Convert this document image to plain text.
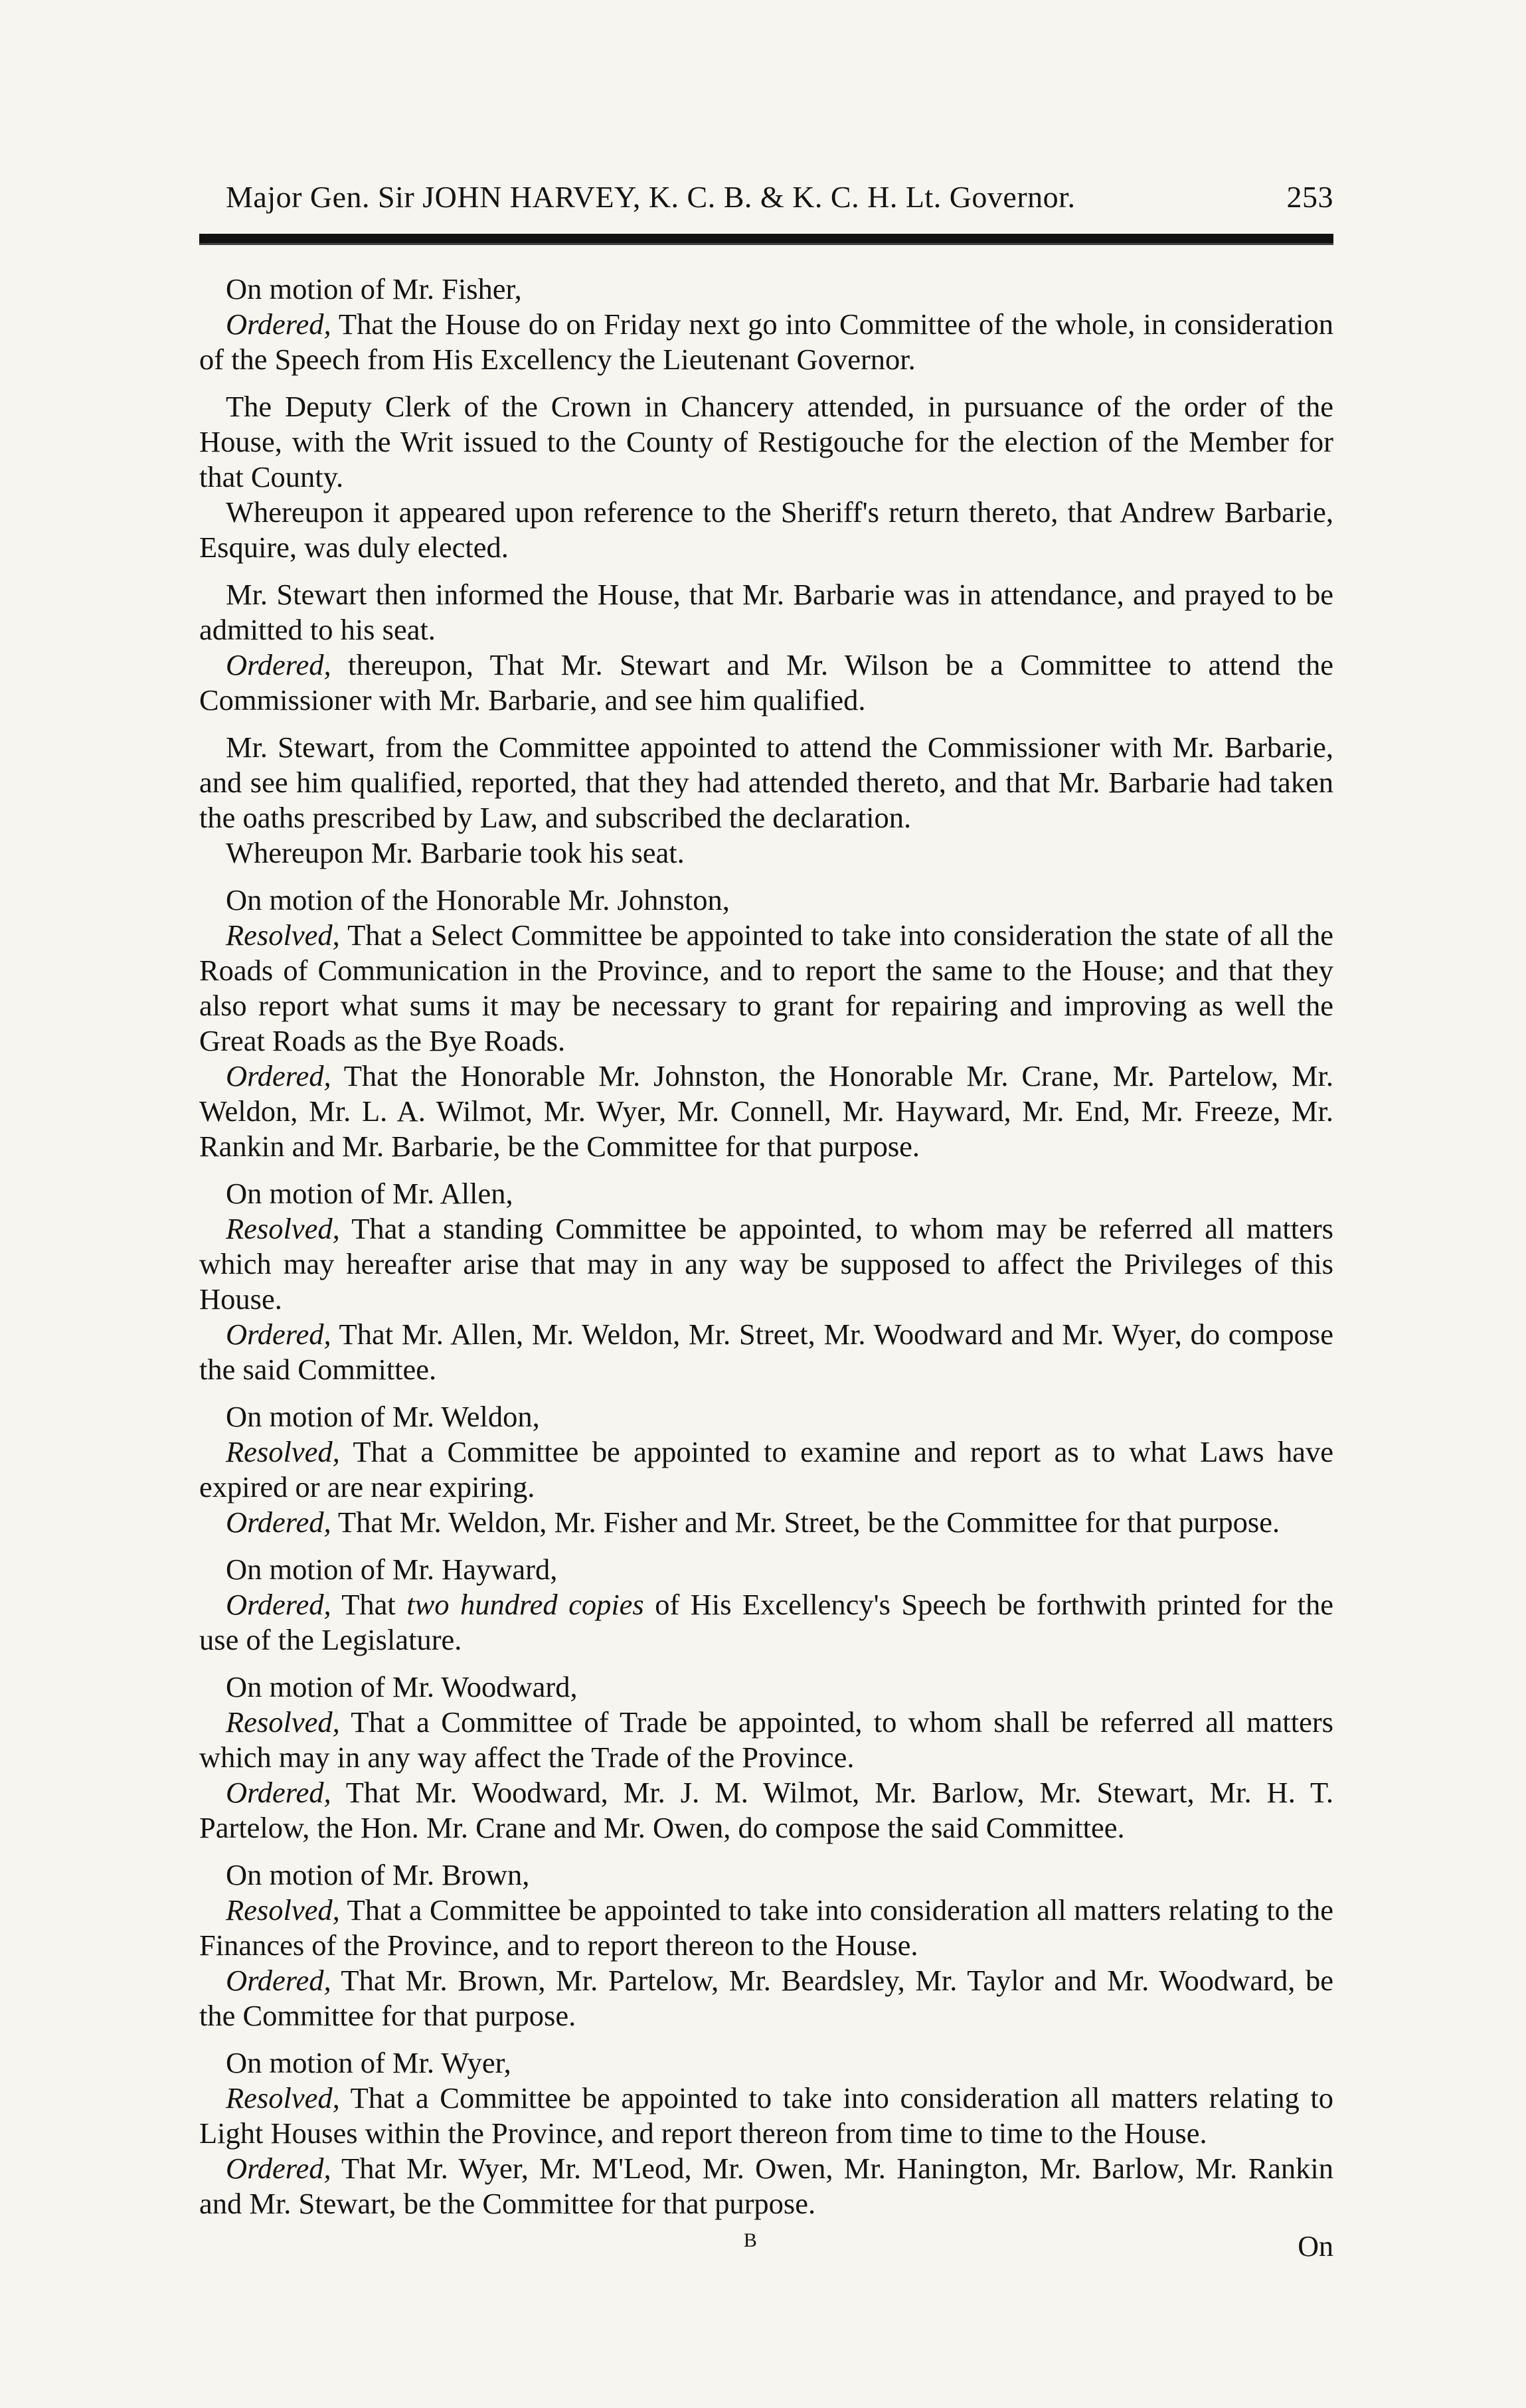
Major Gen. Sir JOHN HARVEY, K. C. B. & K. C. H. Lt. Governor.	253

On motion of Mr. Fisher,

Ordered, That the House do on Friday next go into Committee of the whole, in consideration of the Speech from His Excellency the Lieutenant Governor.

The Deputy Clerk of the Crown in Chancery attended, in pursuance of the order of the House, with the Writ issued to the County of Restigouche for the election of the Member for that County.

Whereupon it appeared upon reference to the Sheriff's return thereto, that Andrew Barbarie, Esquire, was duly elected.

Mr. Stewart then informed the House, that Mr. Barbarie was in attendance, and prayed to be admitted to his seat.

Ordered, thereupon, That Mr. Stewart and Mr. Wilson be a Committee to attend the Commissioner with Mr. Barbarie, and see him qualified.

Mr. Stewart, from the Committee appointed to attend the Commissioner with Mr. Barbarie, and see him qualified, reported, that they had attended thereto, and that Mr. Barbarie had taken the oaths prescribed by Law, and subscribed the declaration.

Whereupon Mr. Barbarie took his seat.

On motion of the Honorable Mr. Johnston,

Resolved, That a Select Committee be appointed to take into consideration the state of all the Roads of Communication in the Province, and to report the same to the House; and that they also report what sums it may be necessary to grant for repairing and improving as well the Great Roads as the Bye Roads.

Ordered, That the Honorable Mr. Johnston, the Honorable Mr. Crane, Mr. Partelow, Mr. Weldon, Mr. L. A. Wilmot, Mr. Wyer, Mr. Connell, Mr. Hayward, Mr. End, Mr. Freeze, Mr. Rankin and Mr. Barbarie, be the Committee for that purpose.

On motion of Mr. Allen,

Resolved, That a standing Committee be appointed, to whom may be referred all matters which may hereafter arise that may in any way be supposed to affect the Privileges of this House.

Ordered, That Mr. Allen, Mr. Weldon, Mr. Street, Mr. Woodward and Mr. Wyer, do compose the said Committee.

On motion of Mr. Weldon,

Resolved, That a Committee be appointed to examine and report as to what Laws have expired or are near expiring.

Ordered, That Mr. Weldon, Mr. Fisher and Mr. Street, be the Committee for that purpose.

On motion of Mr. Hayward,

Ordered, That two hundred copies of His Excellency's Speech be forthwith printed for the use of the Legislature.

On motion of Mr. Woodward,

Resolved, That a Committee of Trade be appointed, to whom shall be referred all matters which may in any way affect the Trade of the Province.

Ordered, That Mr. Woodward, Mr. J. M. Wilmot, Mr. Barlow, Mr. Stewart, Mr. H. T. Partelow, the Hon. Mr. Crane and Mr. Owen, do compose the said Committee.

On motion of Mr. Brown,

Resolved, That a Committee be appointed to take into consideration all matters relating to the Finances of the Province, and to report thereon to the House.

Ordered, That Mr. Brown, Mr. Partelow, Mr. Beardsley, Mr. Taylor and Mr. Woodward, be the Committee for that purpose.

On motion of Mr. Wyer,

Resolved, That a Committee be appointed to take into consideration all matters relating to Light Houses within the Province, and report thereon from time to time to the House.

Ordered, That Mr. Wyer, Mr. M'Leod, Mr. Owen, Mr. Hanington, Mr. Barlow, Mr. Rankin and Mr. Stewart, be the Committee for that purpose.

B	On
